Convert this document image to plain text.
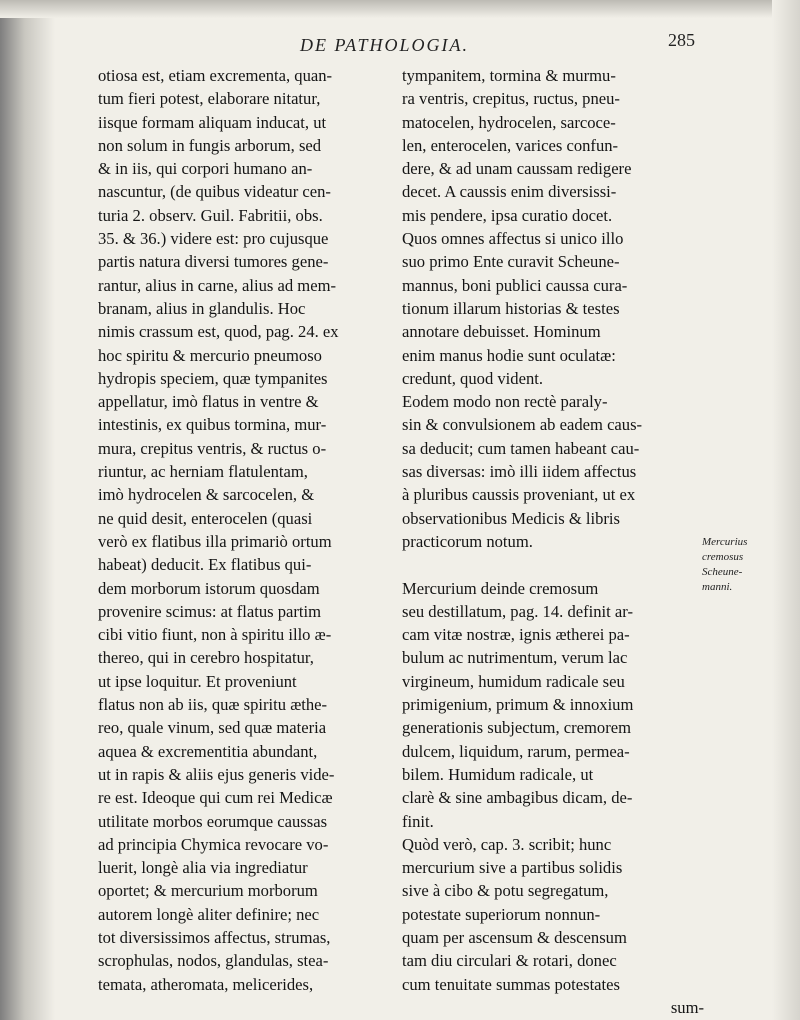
DE PATHOLOGIA.	285
otiosa est, etiam excrementa, quan-
tum fieri potest, elaborare nitatur,
iisque formam aliquam inducat, ut
non solum in fungis arborum, sed
& in iis, qui corpori humano an-
nascuntur, (de quibus videatur cen-
turia 2. observ. Guil. Fabritii, obs.
35. & 36.) videre est: pro cujusque
partis natura diversi tumores gene-
rantur, alius in carne, alius ad mem-
branam, alius in glandulis. Hoc
nimis crassum est, quod, pag. 24. ex
hoc spiritu & mercurio pneumoso
hydropis speciem, quæ tympanites
appellatur, imò flatus in ventre &
intestinis, ex quibus tormina, mur-
mura, crepitus ventris, & ructus o-
riuntur, ac herniam flatulentam,
imò hydrocelen & sarcocelen, &
ne quid desit, enterocelen (quasi
verò ex flatibus illa primariò ortum
habeat) deducit. Ex flatibus qui-
dem morborum istorum quosdam
provenire scimus: at flatus partim
cibi vitio fiunt, non à spiritu illo æ-
thereo, qui in cerebro hospitatur,
ut ipse loquitur. Et proveniunt
flatus non ab iis, quæ spiritu æthe-
reo, quale vinum, sed quæ materia
aquea & excrementitia abundant,
ut in rapis & aliis ejus generis vide-
re est. Ideoque qui cum rei Medicæ
utilitate morbos eorumque caussas
ad principia Chymica revocare vo-
luerit, longè alia via ingrediatur
oportet; & mercurium morborum
autorem longè aliter definire; nec
tot diversissimos affectus, strumas,
scrophulas, nodos, glandulas, stea-
temata, atheromata, melicerides,
tympanitem, tormina & murmu-
ra ventris, crepitus, ructus, pneu-
matocelen, hydrocelen, sarcoce-
len, enterocelen, varices confun-
dere, & ad unam caussam redigere
decet. A caussis enim diversissi-
mis pendere, ipsa curatio docet.
Quos omnes affectus si unico illo
suo primo Ente curavit Scheune-
mannus, boni publici caussa cura-
tionum illarum historias & testes
annotare debuisset. Hominum
enim manus hodie sunt oculatæ:
credunt, quod vident.
Eodem modo non rectè paraly-
sin & convulsionem ab eadem caus-
sa deducit; cum tamen habeant cau-
sas diversas: imò illi iidem affectus
à pluribus caussis proveniant, ut ex
observationibus Medicis & libris
practicorum notum.
Mercurium deinde cremosum
seu destillatum, pag. 14. definit ar-
cam vitæ nostræ, ignis ætherei pa-
bulum ac nutrimentum, verum lac
virgineum, humidum radicale seu
primigenium, primum & innoxium
generationis subjectum, cremorem
dulcem, liquidum, rarum, permea-
bilem. Humidum radicale, ut
clarè & sine ambagibus dicam, de-
finit.
Quòd verò, cap. 3. scribit; hunc
mercurium sive a partibus solidis
sive à cibo & potu segregatum,
potestate superiorum nonnun-
quam per ascensum & descensum
tam diu circulari & rotari, donec
cum tenuitate summas potestates
sum-
Mercurius
cremosus
Scheune-
manni.
